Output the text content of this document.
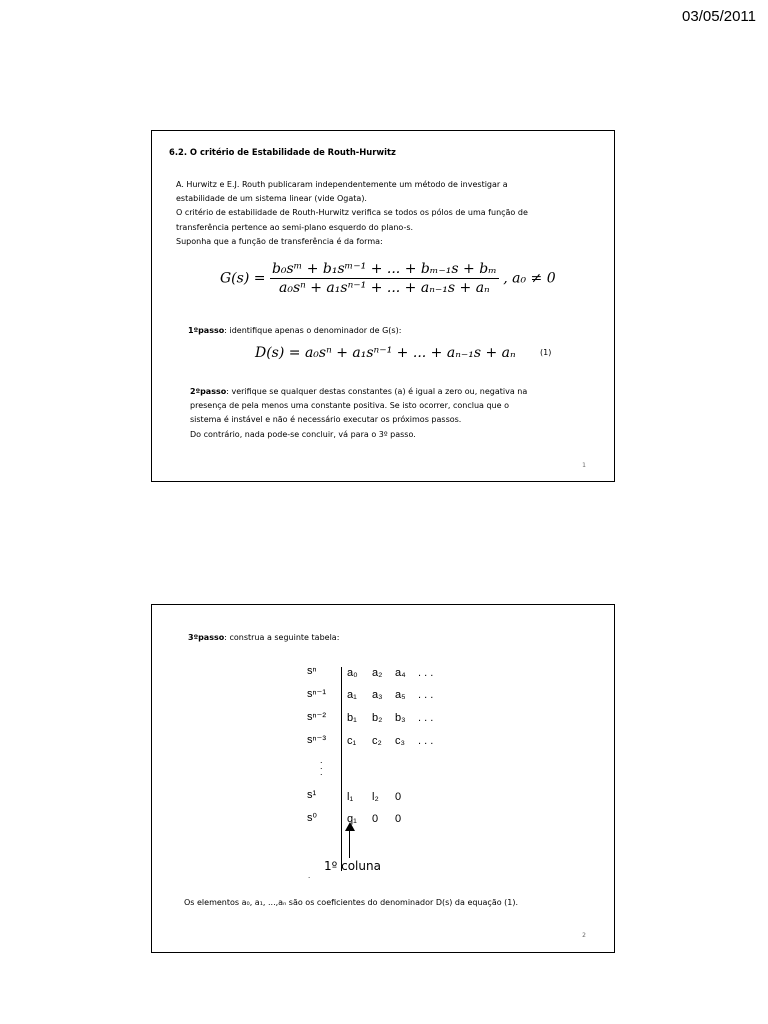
03/05/2011
6.2. O critério de Estabilidade de Routh-Hurwitz
A. Hurwitz e E.J. Routh publicaram independentemente um método de investigar a
estabilidade de um sistema linear (vide Ogata).
O critério de estabilidade de Routh-Hurwitz verifica se todos os pólos de uma função de
transferência pertence ao semi-plano esquerdo do plano-s.
Suponha que a função de transferência é da forma:
$G(s) = \frac{\text{b₀sᵐ + b₁sᵐ⁻¹ + ... + bₘ₋₁s + bₘ}}{\text{a₀sⁿ + a₁sⁿ⁻¹ + ... + aₙ₋₁s + aₙ}}$ , a₀ ≠ 0
1ºpasso: identifique apenas o denominador de G(s):
D(s) = a₀sⁿ + a₁sⁿ⁻¹ + ... + aₙ₋₁s + aₙ	(1)
2ºpasso: verifique se qualquer destas constantes (a) é igual a zero ou, negativa na
presença de pela menos uma constante positiva. Se isto ocorrer, conclua que o
sistema é instável e não é necessário executar os próximos passos.
Do contrário, nada pode-se concluir, vá para o 3º passo.
1
3ºpasso: construa a seguinte tabela:
sⁿ	a₀ a₂ a₄ . . .
sⁿ⁻¹ a₁ a₃ a₅ . . .
sⁿ⁻² b₁ b₂ b₃ . . .
sⁿ⁻³ c₁ c₂ c₃ . . .
.
.
.
s¹	l₁ l₂ 0
s⁰	q₁ 0 0
.
1º coluna
Os elementos a₀, a₁, ...,aₙ são os coeficientes do denominador D(s) da equação (1).
2
